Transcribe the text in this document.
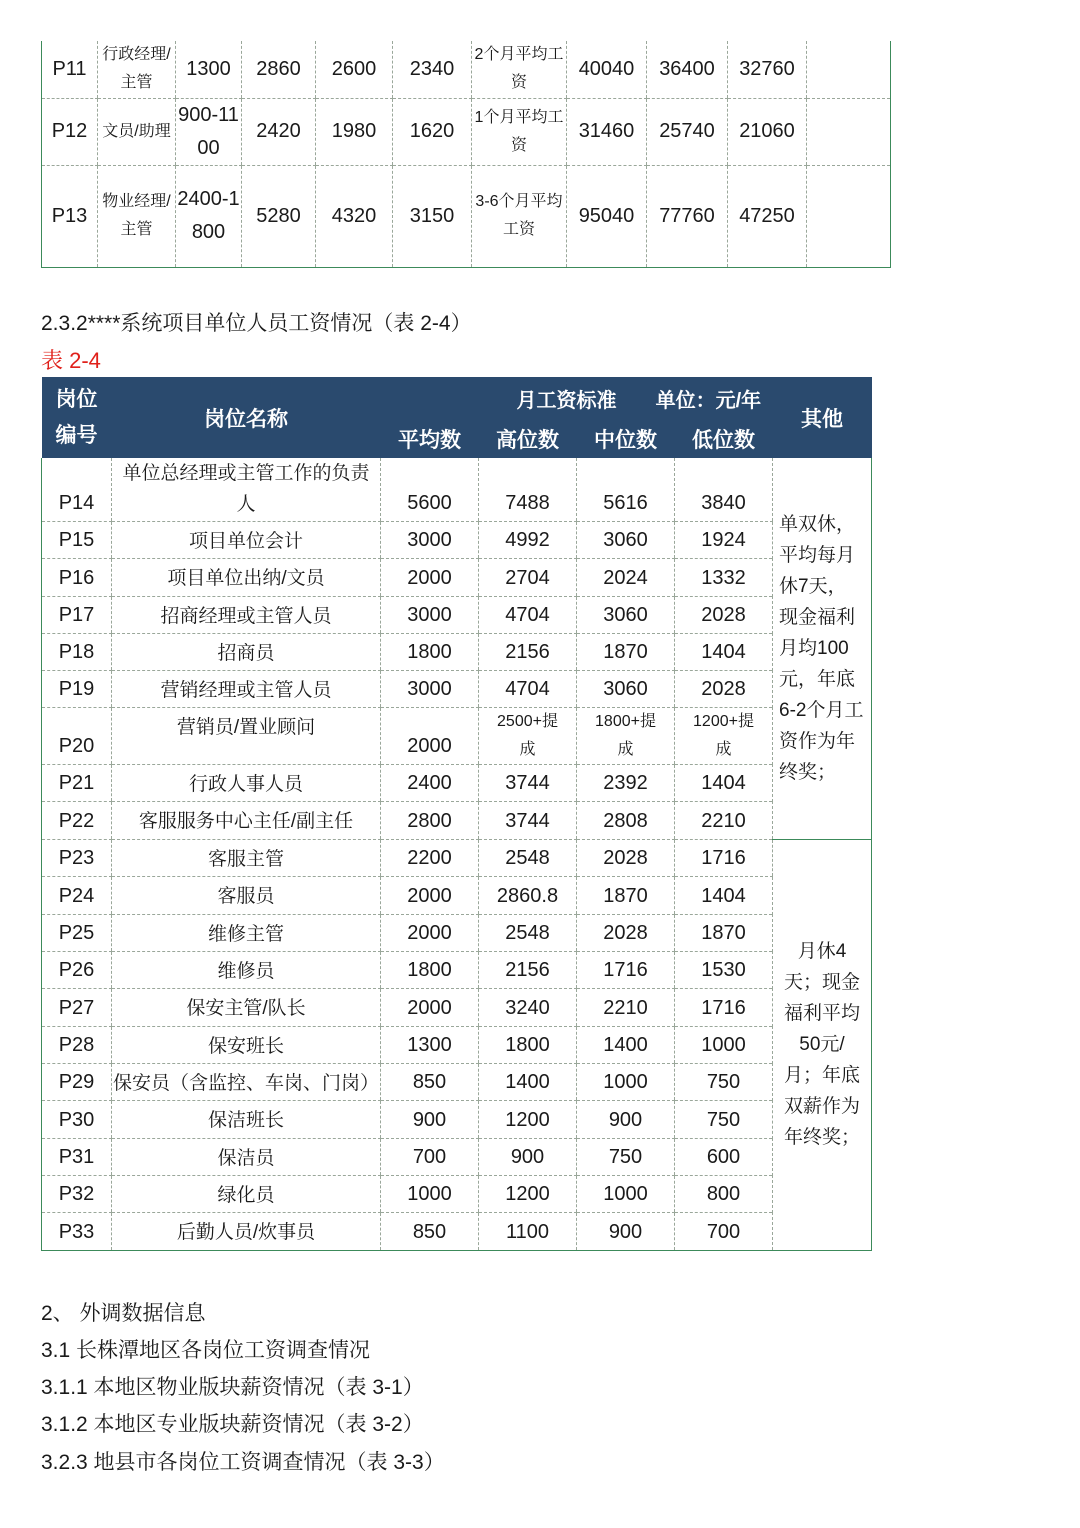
P11	行政经理/主管	1300	2860	2600	2340	2个月平均工资	40040	36400	32760	
P12	文员/助理	900-1100	2420	1980	1620	1个月平均工资	31460	25740	21060	
P13	物业经理/主管	2400-1800	5280	4320	3150	3-6个月平均工资	95040	77760	47250	
2.3.2****系统项目单位人员工资情况（表 2-4）
表 2-4
岗位编号	岗位名称	月工资标准 单位：元/年				其他
		平均数	高位数	中位数	低位数	
P14	单位总经理或主管工作的负责人	5600	7488	5616	3840	单双休，平均每月休7天，现金福利月均100元，年底6-2个月工资作为年终奖；
P15	项目单位会计	3000	4992	3060	1924	
P16	项目单位出纳/文员	2000	2704	2024	1332	
P17	招商经理或主管人员	3000	4704	3060	2028	
P18	招商员	1800	2156	1870	1404	
P19	营销经理或主管人员	3000	4704	3060	2028	
P20	营销员/置业顾问	2000	2500+提成	1800+提成	1200+提成	
P21	行政人事人员	2400	3744	2392	1404	
P22	客服服务中心主任/副主任	2800	3744	2808	2210	
P23	客服主管	2200	2548	2028	1716	月休4天；现金福利平均50元/月；年底双薪作为年终奖；
P24	客服员	2000	2860.8	1870	1404	
P25	维修主管	2000	2548	2028	1870	
P26	维修员	1800	2156	1716	1530	
P27	保安主管/队长	2000	3240	2210	1716	
P28	保安班长	1300	1800	1400	1000	
P29	保安员（含监控、车岗、门岗）	850	1400	1000	750	
P30	保洁班长	900	1200	900	750	
P31	保洁员	700	900	750	600	
P32	绿化员	1000	1200	1000	800	
P33	后勤人员/炊事员	850	1100	900	700	
2、 外调数据信息
3.1 长株潭地区各岗位工资调查情况
3.1.1 本地区物业版块薪资情况（表 3-1）
3.1.2 本地区专业版块薪资情况（表 3-2）
3.2.3 地县市各岗位工资调查情况（表 3-3）
